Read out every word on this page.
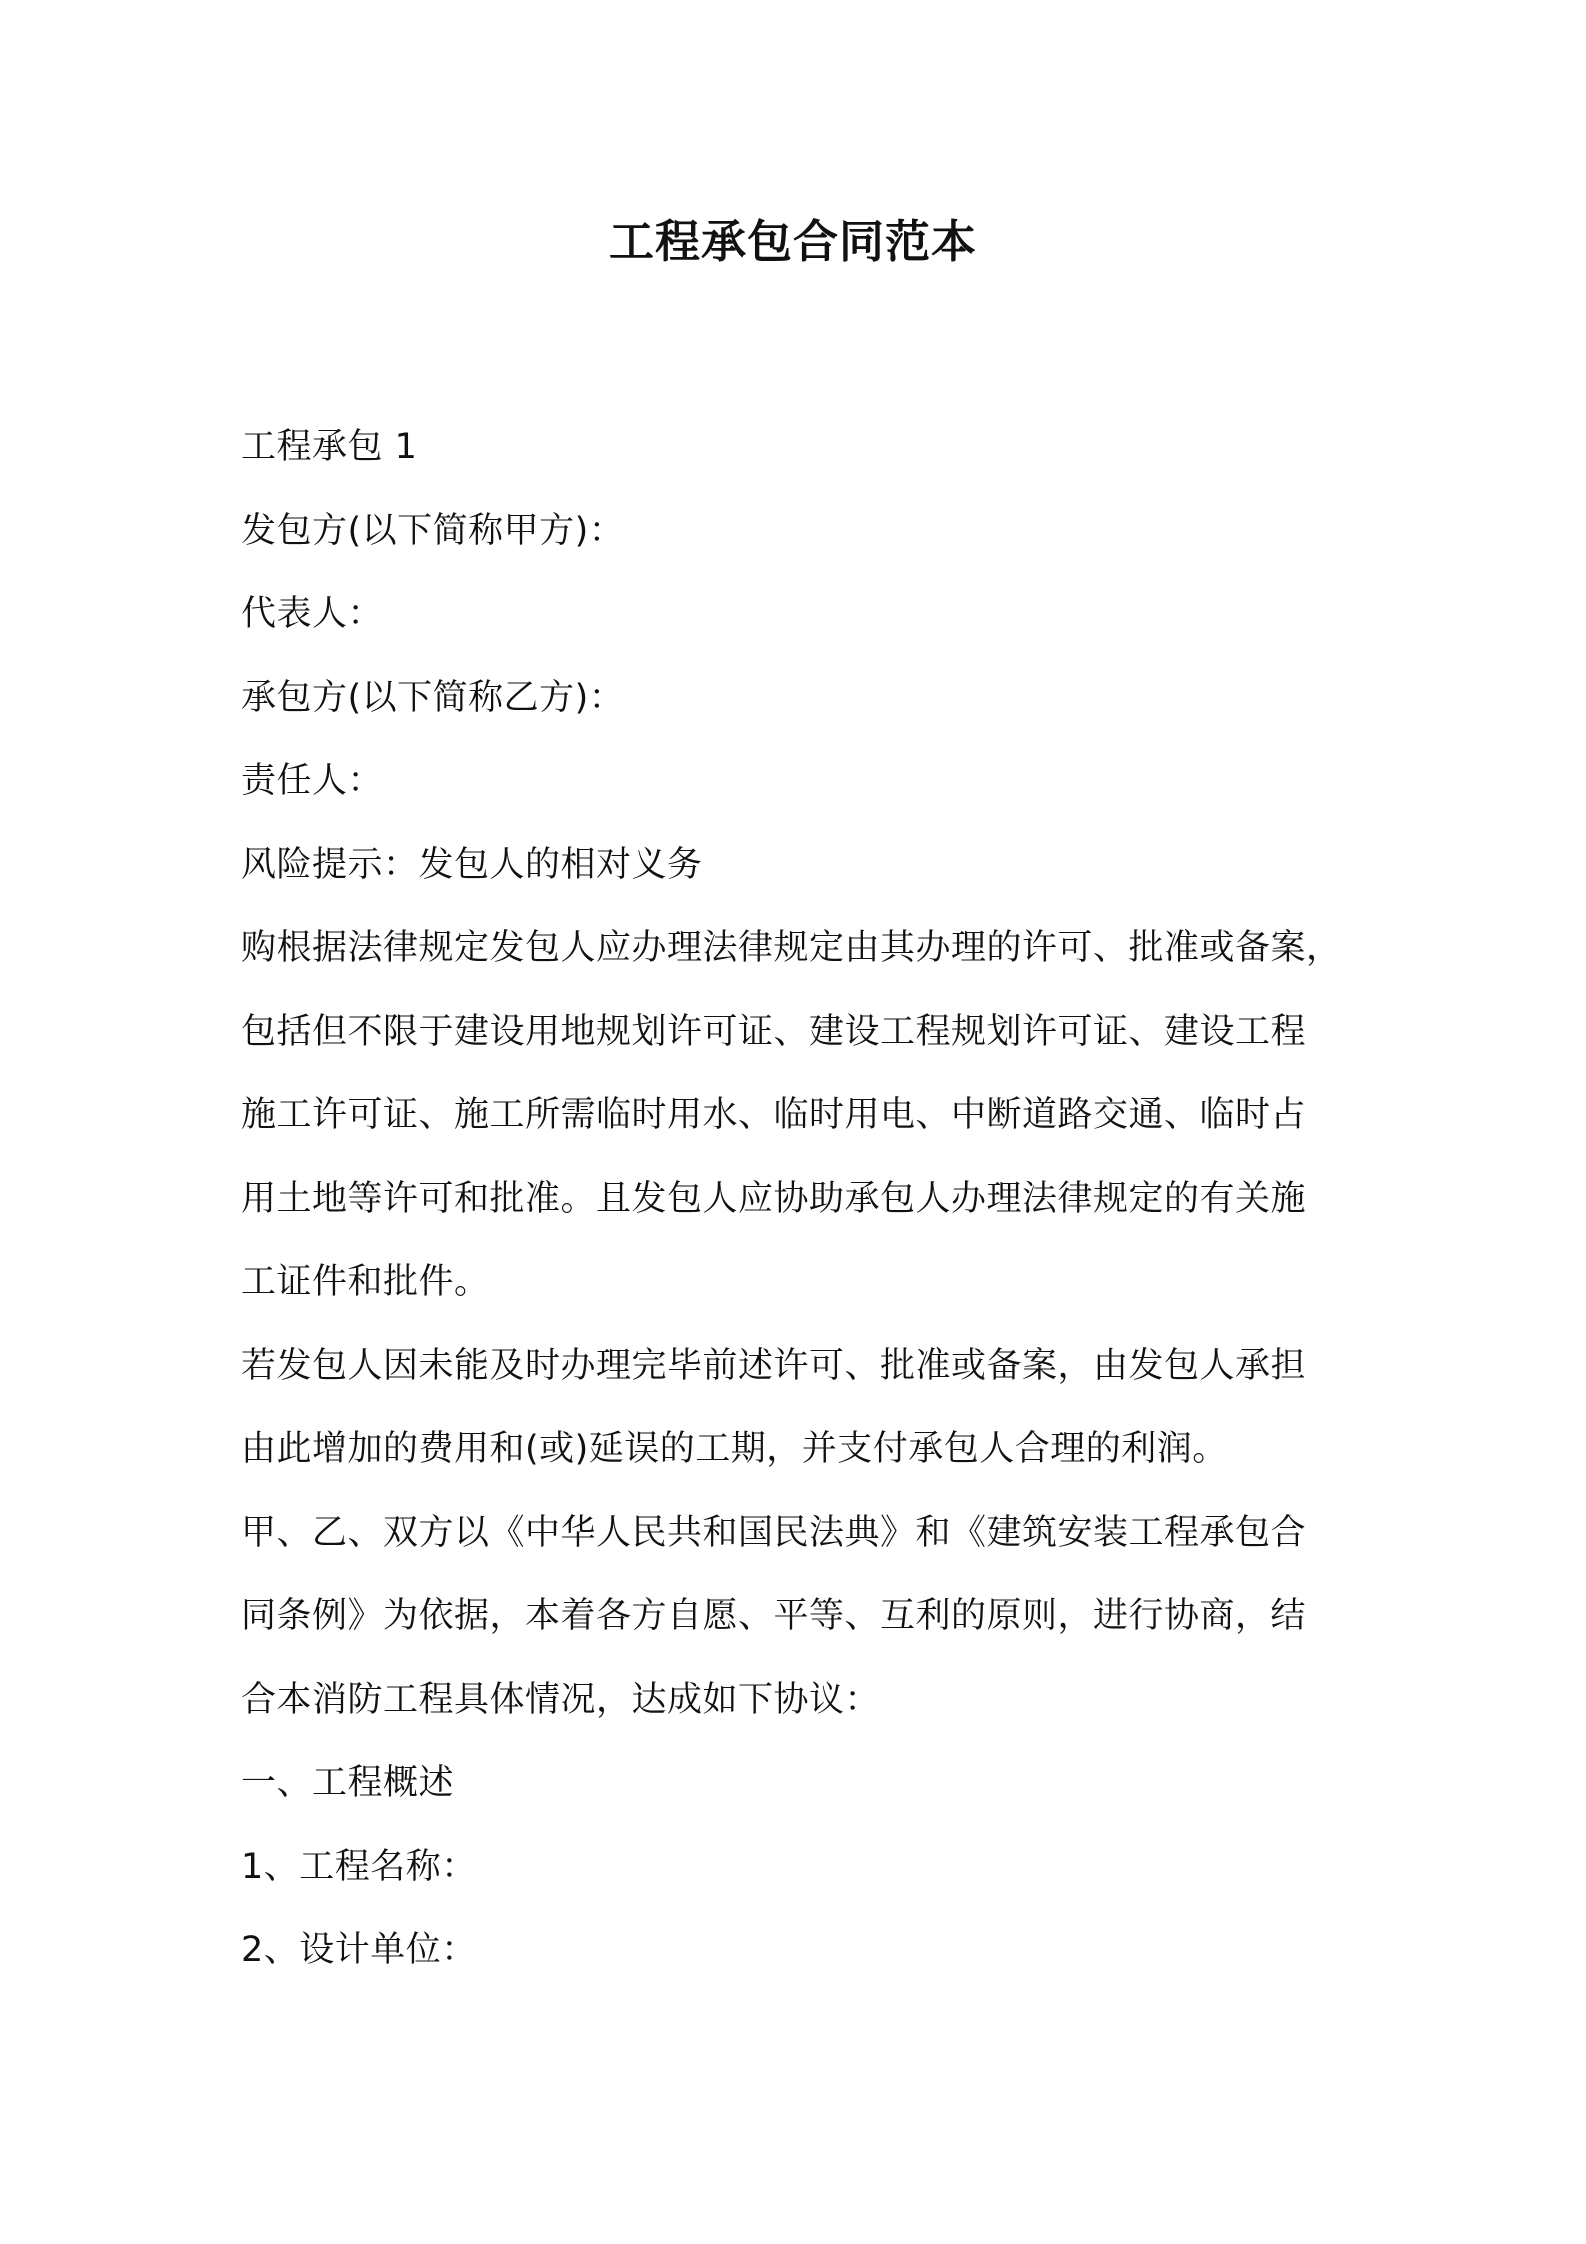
工程承包合同范本
工程承包 1
发包方(以下简称甲方)：
代表人：
承包方(以下简称乙方)：
责任人：
风险提示：发包人的相对义务
购根据法律规定发包人应办理法律规定由其办理的许可、批准或备案，
包括但不限于建设用地规划许可证、建设工程规划许可证、建设工程
施工许可证、施工所需临时用水、临时用电、中断道路交通、临时占
用土地等许可和批准。且发包人应协助承包人办理法律规定的有关施
工证件和批件。
若发包人因未能及时办理完毕前述许可、批准或备案，由发包人承担
由此增加的费用和(或)延误的工期，并支付承包人合理的利润。
甲、乙、双方以《中华人民共和国民法典》和《建筑安装工程承包合
同条例》为依据，本着各方自愿、平等、互利的原则，进行协商，结
合本消防工程具体情况，达成如下协议：
一、工程概述
1、工程名称：
2、设计单位：
